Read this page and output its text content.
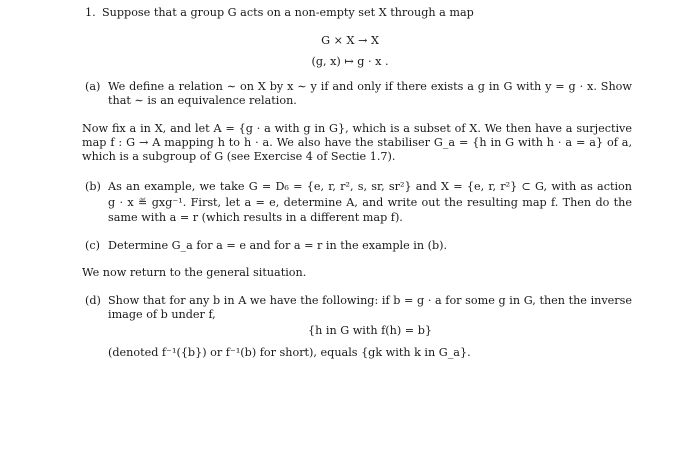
1. Suppose that a group G acts on a non-empty set X through a map
G × X → X
(g, x) ↦ g · x .
(a) We define a relation ∼ on X by x ∼ y if and only if there exists a g in G with y = g · x. Show
that ∼ is an equivalence relation.
Now fix a in X, and let A = {g · a with g in G}, which is a subset of X. We then have a surjective
map f : G → A mapping h to h · a. We also have the stabiliser G_a = {h in G with h · a = a} of a,
which is a subgroup of G (see Exercise 4 of Sectie 1.7).
(b) As an example, we take G = D₆ = {e, r, r², s, sr, sr²} and X = {e, r, r²} ⊂ G, with as action
g · x ≝ gxg⁻¹. First, let a = e, determine A, and write out the resulting map f. Then do the
same with a = r (which results in a different map f).
(c) Determine G_a for a = e and for a = r in the example in (b).
We now return to the general situation.
(d) Show that for any b in A we have the following: if b = g · a for some g in G, then the inverse
image of b under f,
{h in G with f(h) = b}
(denoted f⁻¹({b}) or f⁻¹(b) for short), equals {gk with k in G_a}.
